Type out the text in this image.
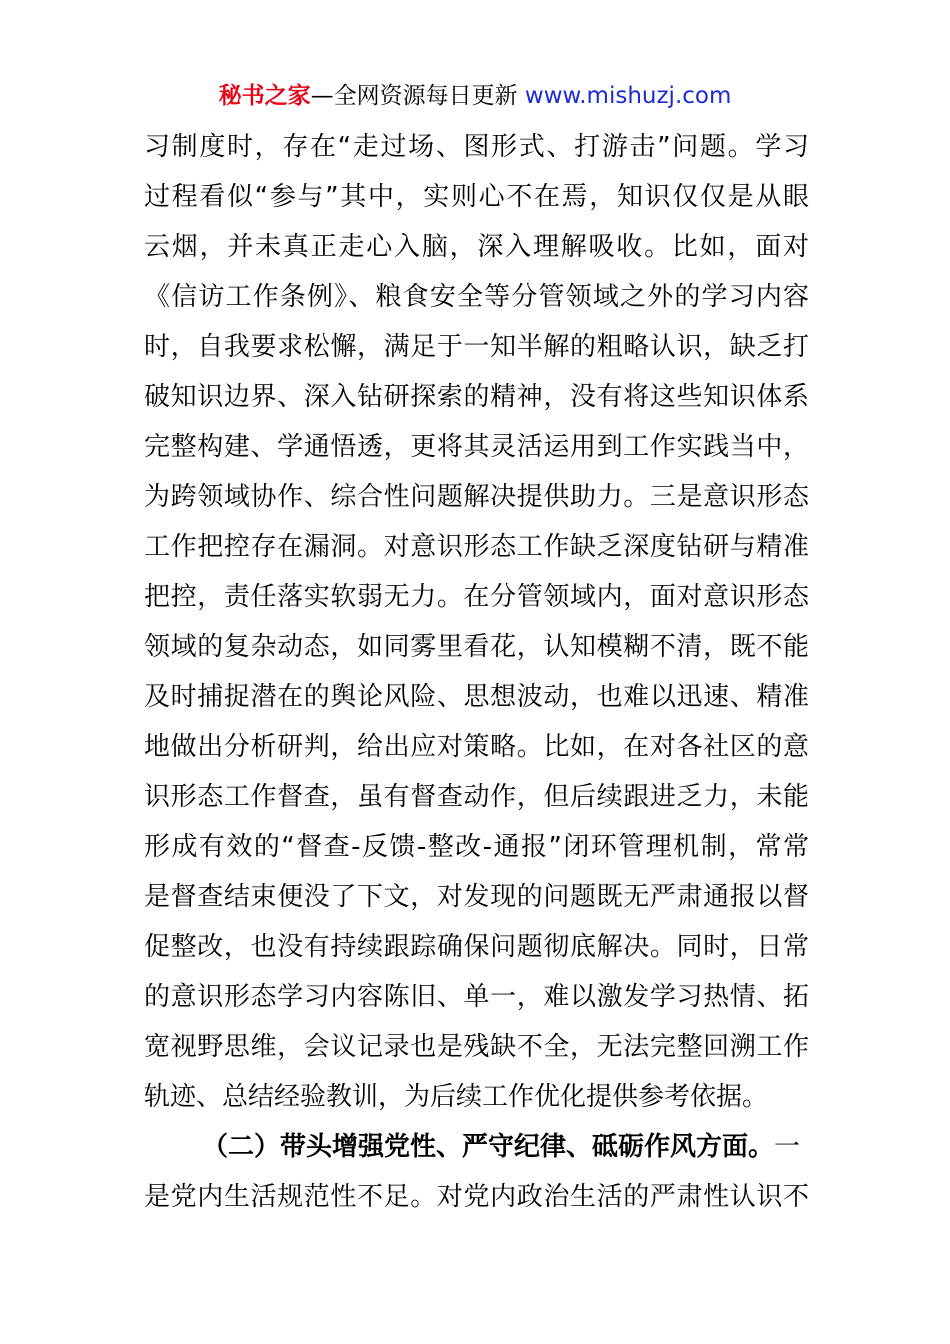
秘书之家—全网资源每日更新 www.mishuzj.com
习制度时，存在“走过场、图形式、打游击”问题。学习
过程看似“参与”其中，实则心不在焉，知识仅仅是从眼
云烟，并未真正走心入脑，深入理解吸收。比如，面对
《信访工作条例》、粮食安全等分管领域之外的学习内容
时，自我要求松懈，满足于一知半解的粗略认识，缺乏打
破知识边界、深入钻研探索的精神，没有将这些知识体系
完整构建、学通悟透，更将其灵活运用到工作实践当中，
为跨领域协作、综合性问题解决提供助力。三是意识形态
工作把控存在漏洞。对意识形态工作缺乏深度钻研与精准
把控，责任落实软弱无力。在分管领域内，面对意识形态
领域的复杂动态，如同雾里看花，认知模糊不清，既不能
及时捕捉潜在的舆论风险、思想波动，也难以迅速、精准
地做出分析研判，给出应对策略。比如，在对各社区的意
识形态工作督查，虽有督查动作，但后续跟进乏力，未能
形成有效的“督查-反馈-整改-通报”闭环管理机制，常常
是督查结束便没了下文，对发现的问题既无严肃通报以督
促整改，也没有持续跟踪确保问题彻底解决。同时，日常
的意识形态学习内容陈旧、单一，难以激发学习热情、拓
宽视野思维，会议记录也是残缺不全，无法完整回溯工作
轨迹、总结经验教训，为后续工作优化提供参考依据。
（二）带头增强党性、严守纪律、砥砺作风方面。一
是党内生活规范性不足。对党内政治生活的严肃性认识不
